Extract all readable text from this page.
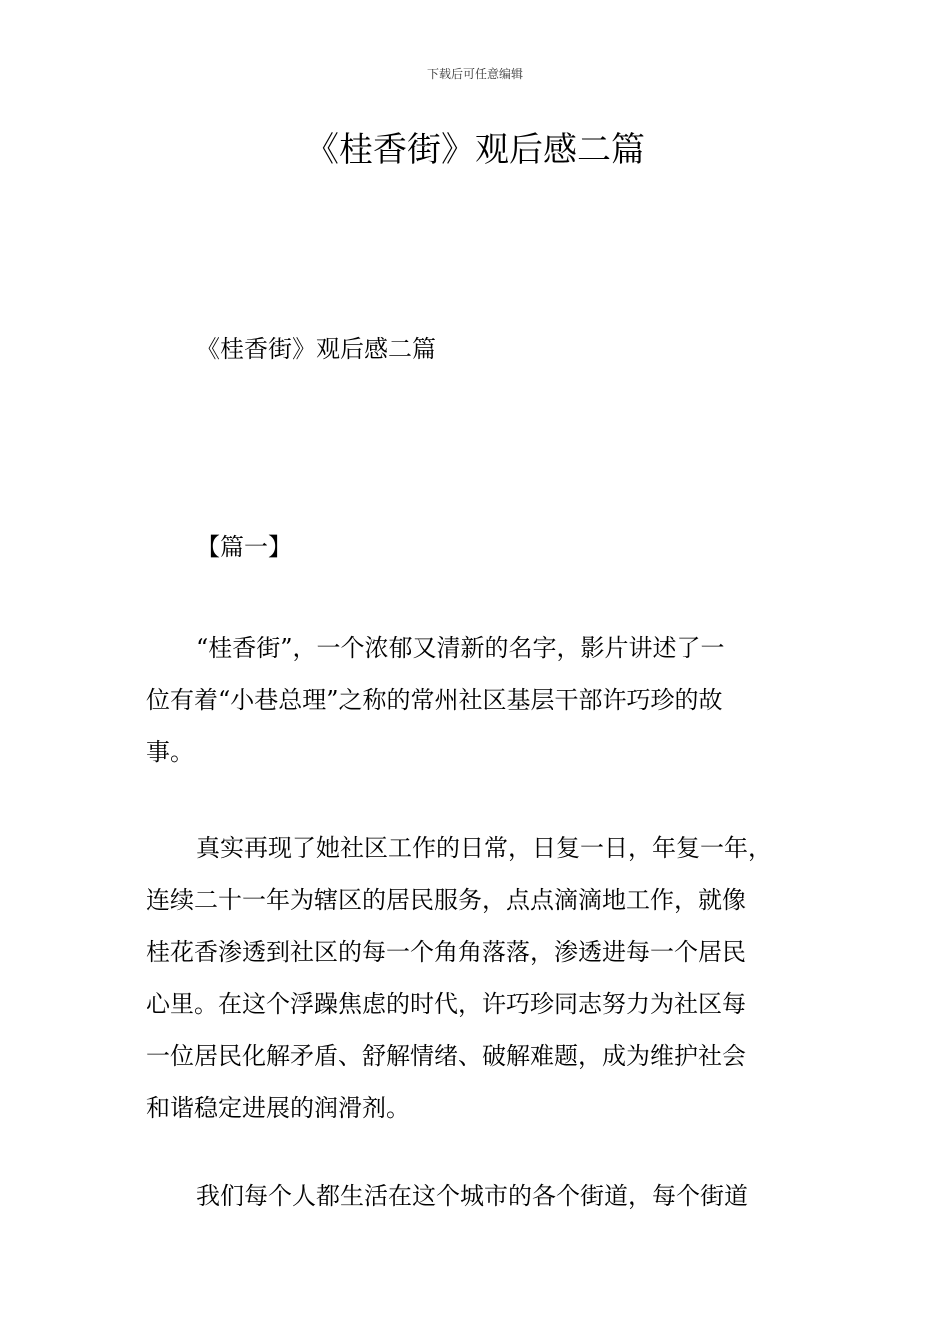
下载后可任意编辑
《桂香街》观后感二篇
《桂香街》观后感二篇
【篇一】

“桂香街”，一个浓郁又清新的名字，影片讲述了一
位有着“小巷总理”之称的常州社区基层干部许巧珍的故
事。

真实再现了她社区工作的日常，日复一日，年复一年，
连续二十一年为辖区的居民服务，点点滴滴地工作，就像
桂花香渗透到社区的每一个角角落落，渗透进每一个居民
心里。在这个浮躁焦虑的时代，许巧珍同志努力为社区每
一位居民化解矛盾、舒解情绪、破解难题，成为维护社会
和谐稳定进展的润滑剂。

我们每个人都生活在这个城市的各个街道，每个街道
